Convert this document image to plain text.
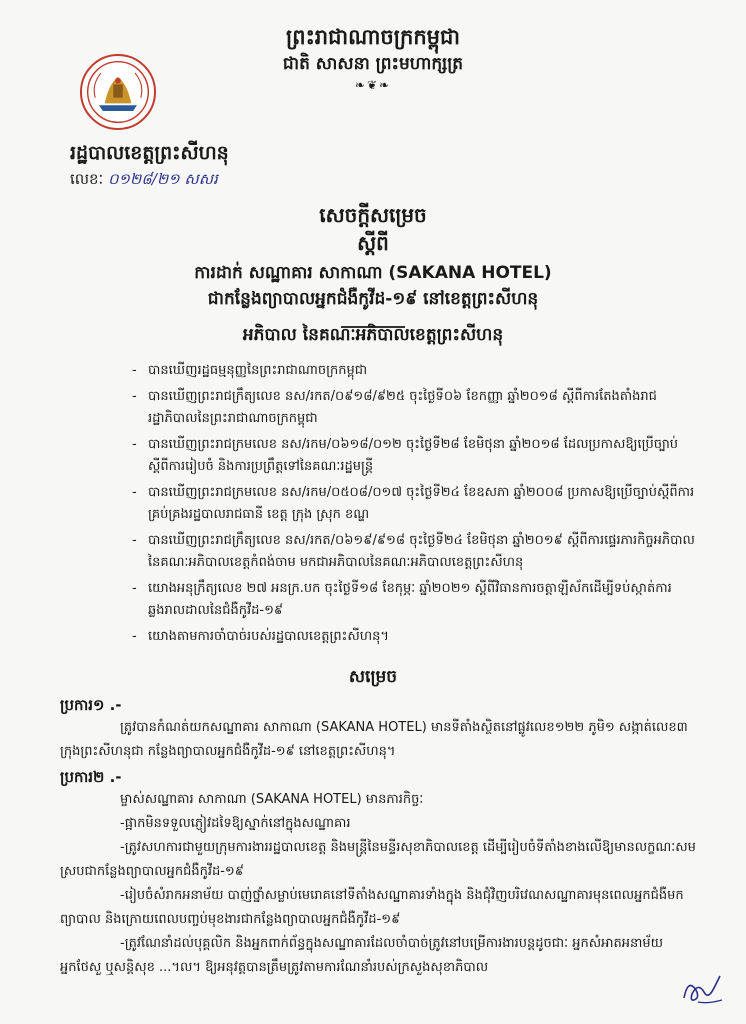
ព្រះរាជាណាចក្រកម្ពុជា
ជាតិ សាសនា ព្រះមហាក្សត្រ
❧❦❧
រដ្ឋបាលខេត្តព្រះសីហនុ
លេខៈ ០១២៨/២១ សសរ
សេចក្ដីសម្រេច
ស្ដីពី
ការដាក់ សណ្ឋាគារ សាកាណា (SAKANA HOTEL)
ជាកន្លែងព្យាបាលអ្នកជំងឺកូវីដ-១៩ នៅខេត្តព្រះសីហនុ
អភិបាល នៃគណៈអភិបាលខេត្តព្រះសីហនុ
- បានឃើញរដ្ឋធម្មនុញ្ញនៃព្រះរាជាណាចក្រកម្ពុជា
- បានឃើញព្រះរាជក្រឹត្យលេខ នស/រកត/០៩១៨/៩២៥ ចុះថ្ងៃទី០៦ ខែកញ្ញា ឆ្នាំ២០១៨ ស្ដីពីការតែងតាំងរាជរដ្ឋាភិបាលនៃព្រះរាជាណាចក្រកម្ពុជា
- បានឃើញព្រះរាជក្រមលេខ នស/រកម/០៦១៨/០១២ ចុះថ្ងៃទី២៨ ខែមិថុនា ឆ្នាំ២០១៨ ដែលប្រកាសឱ្យប្រើច្បាប់ស្ដីពីការរៀបចំ និងការប្រព្រឹត្តទៅនៃគណៈរដ្ឋមន្ត្រី
- បានឃើញព្រះរាជក្រមលេខ នស/រកម/០៥០៨/០១៧ ចុះថ្ងៃទី២៤ ខែឧសភា ឆ្នាំ២០០៨ ប្រកាសឱ្យប្រើច្បាប់ស្ដីពីការគ្រប់គ្រងរដ្ឋបាលរាជធានី ខេត្ត ក្រុង ស្រុក ខណ្ឌ
- បានឃើញព្រះរាជក្រឹត្យលេខ នស/រកត/០៦១៩/៩១៨ ចុះថ្ងៃទី២៤ ខែមិថុនា ឆ្នាំ២០១៩ ស្ដីពីការផ្ទេរភារកិច្ចអភិបាល នៃគណៈអភិបាលខេត្តកំពង់ចាម មកជាអភិបាលនៃគណៈអភិបាលខេត្តព្រះសីហនុ
- យោងអនុក្រឹត្យលេខ ២៧ អនក្រ.បក ចុះថ្ងៃទី១៨ ខែកុម្ភៈ ឆ្នាំ២០២១ ស្ដីពីវិធានការចត្តាឡីស័កដើម្បីទប់ស្កាត់ការឆ្លងរាលដាលនៃជំងឺកូវីដ-១៩
- យោងតាមការចាំបាច់របស់រដ្ឋបាលខេត្តព្រះសីហនុ។
សម្រេច
ប្រការ១ .-
ត្រូវបានកំណត់យកសណ្ឋាគារ សាកាណា (SAKANA HOTEL) មានទីតាំងស្ថិតនៅផ្លូវលេខ១២២ ភូមិ១ សង្កាត់លេខ៣ ក្រុងព្រះសីហនុជា កន្លែងព្យាបាលអ្នកជំងឺកូវីដ-១៩ នៅខេត្តព្រះសីហនុ។
ប្រការ២ .-
ម្ចាស់សណ្ឋាគារ សាកាណា (SAKANA HOTEL) មានភារកិច្ចៈ
-ផ្អាកមិនទទួលភ្ញៀវដទៃឱ្យស្នាក់នៅក្នុងសណ្ឋាគារ
-ត្រូវសហការជាមួយក្រុមការងាររដ្ឋបាលខេត្ត និងមន្ត្រីនៃមន្ទីរសុខាភិបាលខេត្ត ដើម្បីរៀបចំទីតាំងខាងលើឱ្យមានលក្ខណៈសមស្របជាកន្លែងព្យាបាលអ្នកជំងឺកូវីដ-១៩
-រៀបចំសំរាកអនាម័យ បាញ់ថ្នាំសម្លាប់មេរោគនៅទីតាំងសណ្ឋាគារទាំងក្នុង និងជុំវិញបរិវេណសណ្ឋាគារមុនពេលអ្នកជំងឺមកព្យាបាល និងក្រោយពេលបញ្ចប់មុខងារជាកន្លែងព្យាបាលអ្នកជំងឺកូវីដ-១៩
-ត្រូវណែនាំដល់បុគ្គលិក និងអ្នកពាក់ព័ន្ធក្នុងសណ្ឋាគារដែលចាំបាច់ត្រូវនៅបម្រើការងារបន្តដូចជាៈ អ្នកសំអាតអនាម័យ អ្នកថែសួ ឬសន្តិសុខ ...។ល។ ឱ្យអនុវត្តបានត្រឹមត្រូវតាមការណែនាំរបស់ក្រសួងសុខាភិបាល
